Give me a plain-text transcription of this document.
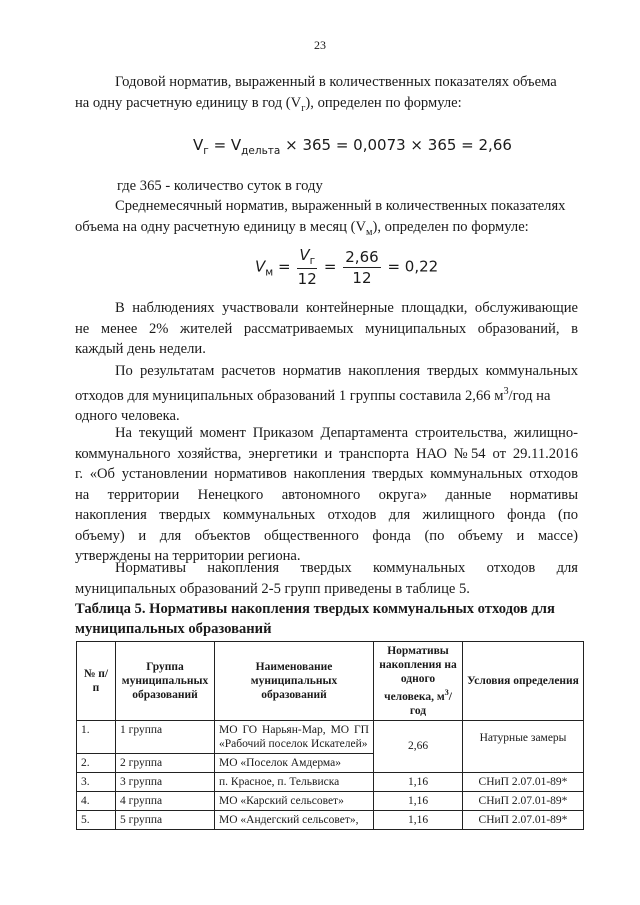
23
Годовой норматив, выраженный в количественных показателях объема
на одну расчетную единицу в год $(V_г)$, определен по формуле:
$V_г = V_{дельта} \times 365 = 0,0073 \times 365 = 2,66$
где 365 - количество суток в году
Среднемесячный норматив, выраженный в количественных показателях
объема на одну расчетную единицу в месяц $(V_м)$, определен по формуле:
$V_м = \frac{V_г}{12} = \frac{2,66}{12} = 0,22$
В наблюдениях участвовали контейнерные площадки, обслуживающие
не менее 2% жителей рассматриваемых муниципальных образований, в
каждый день недели.
По результатам расчетов норматив накопления твердых коммунальных
отходов для муниципальных образований 1 группы составила 2,66 $м^3$/год на
одного человека.
На текущий момент Приказом Департамента строительства, жилищно-
коммунального хозяйства, энергетики и транспорта НАО №54 от 29.11.2016
г. «Об установлении нормативов накопления твердых коммунальных отходов
на территории Ненецкого автономного округа» данные нормативы
накопления твердых коммунальных отходов для жилищного фонда (по
объему) и для объектов общественного фонда (по объему и массе)
утверждены на территории региона.
Нормативы накопления твердых коммунальных отходов для
муниципальных образований 2-5 групп приведены в таблице 5.
Таблица 5. Нормативы накопления твердых коммунальных отходов для
муниципальных образований
№ п/п	Группа муниципальных образований	Наименование муниципальных образований	Нормативы накопления на одного человека, $м^3$/год	Условия определения
1.	1 группа	МО ГО Нарьян-Мар, МО ГП «Рабочий поселок Искателей»	2,66	Натурные замеры
2.	2 группа	МО «Поселок Амдерма»		
3.	3 группа	п. Красное, п. Тельвиска	1,16	СНиП 2.07.01-89*
4.	4 группа	МО «Карский сельсовет»	1,16	СНиП 2.07.01-89*
5.	5 группа	МО «Андегский сельсовет»,	1,16	СНиП 2.07.01-89*
